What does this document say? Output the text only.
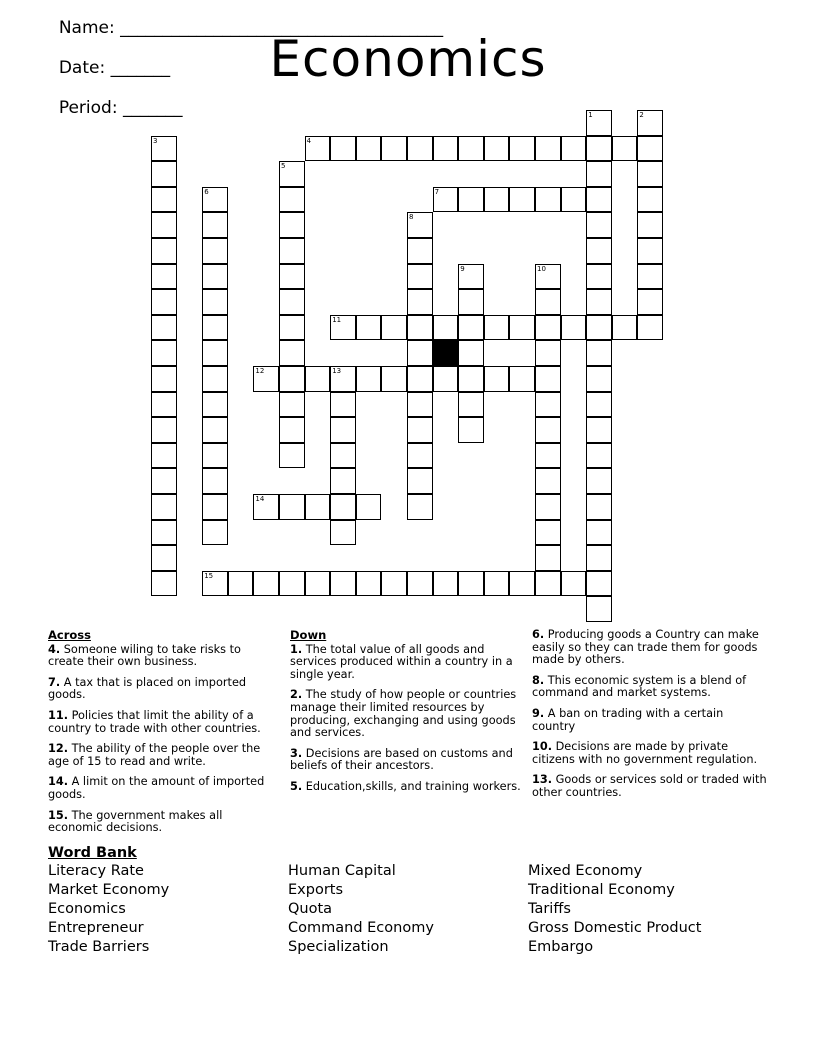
Name: ______________________________________

Date: _______

Period: _______

Economics
1	2
3	4
5
6	7
8
9	10
11
12	13
14
15
Across
4. Someone wiling to take risks to create their own business.
7. A tax that is placed on imported goods.
11. Policies that limit the ability of a country to trade with other countries.
12. The ability of the people over the age of 15 to read and write.
14. A limit on the amount of imported goods.
15. The government makes all economic decisions.
Down
1. The total value of all goods and services produced within a country in a single year.
2. The study of how people or countries manage their limited resources by producing, exchanging and using goods and services.
3. Decisions are based on customs and beliefs of their ancestors.
5. Education,skills, and training workers.
6. Producing goods a Country can make easily so they can trade them for goods made by others.
8. This economic system is a blend of command and market systems.
9. A ban on trading with a certain country
10. Decisions are made by private citizens with no government regulation.
13. Goods or services sold or traded with other countries.
Word Bank
Literacy Rate
Market Economy
Economics
Entrepreneur
Trade Barriers
Human Capital
Exports
Quota
Command Economy
Specialization
Mixed Economy
Traditional Economy
Tariffs
Gross Domestic Product
Embargo
